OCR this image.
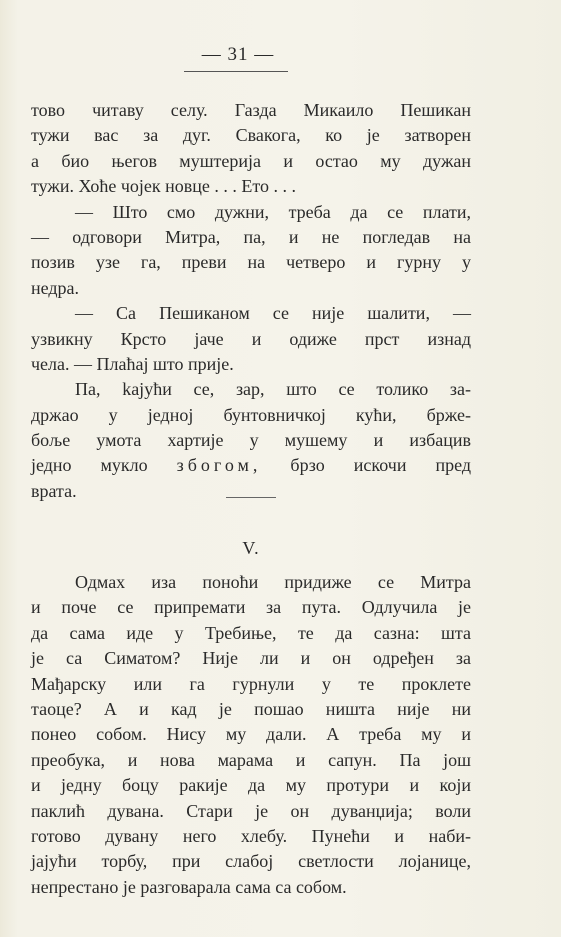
— 31 —
тово читаву селу. Газда Микаило Пешикан
тужи вас за дуг. Свакога, ко је затворен
а био његов муштерија и остао му дужан
тужи. Хоће чојек новце . . . Ето . . .
— Што смо дужни, треба да се плати,
— одговори Митра, па, и не погледав на
позив узе га, преви на четверо и гурну у
недра.
— Са Пешиканом се није шалити, —
узвикну Крсто јаче и одиже прст изнад
чела. — Плаћај што прије.
Па, kaјући се, зар, што се толико за-
држао у једној бунтовничкој кући, брже-
боље умота хартије у мушему и избацив
једно мукло збогом, брзо искочи пред
врата.
V.
Одмах иза поноћи придиже се Митра
и поче се припремати за пута. Одлучила је
да сама иде у Требиње, те да сазна: шта
је са Симатом? Није ли и он одређен за
Мађарску или га гурнули у те проклете
таоце? А и кад је пошао ништа није ни
понео собом. Нису му дали. А треба му и
преобука, и нова марама и сапун. Па још
и једну боцу ракије да му протури и који
паклић дувана. Стари је он дуванџија; воли
готово дувану него хлебу. Пунећи и наби-
јајући торбу, при слабој светлости лојанице,
непрестано је разговарала сама са собом.
